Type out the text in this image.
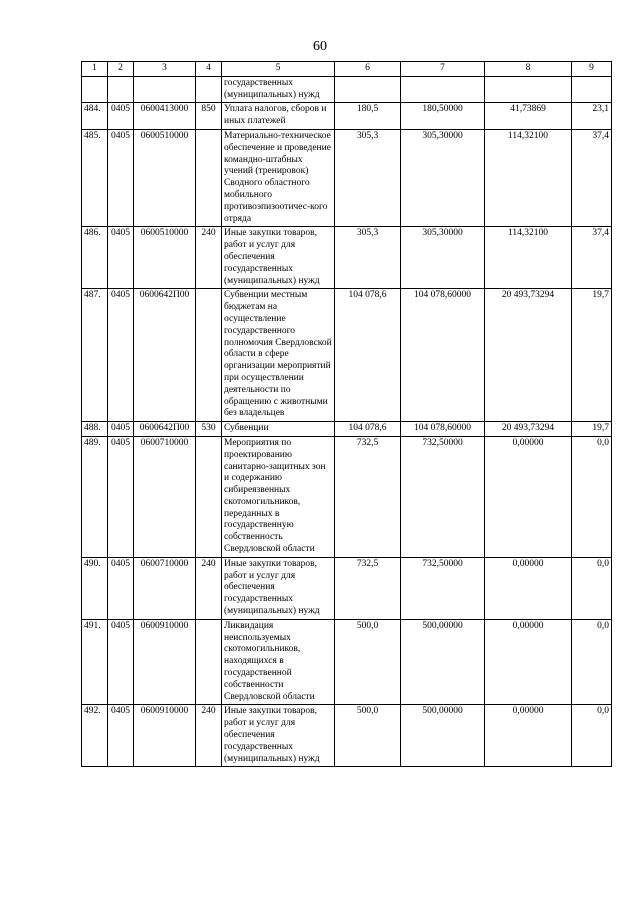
60
1	2	3	4	5	6	7	8	9
				государственных (муниципальных) нужд				
484.	0405	0600413000	850	Уплата налогов, сборов и иных платежей	180,5	180,50000	41,73869	23,1
485.	0405	0600510000		Материально-техническое обеспечение и проведение командно-штабных учений (тренировок) Сводного областного мобильного противоэпизоотичес-кого отряда	305,3	305,30000	114,32100	37,4
486.	0405	0600510000	240	Иные закупки товаров, работ и услуг для обеспечения государственных (муниципальных) нужд	305,3	305,30000	114,32100	37,4
487.	0405	0600642П00		Субвенции местным бюджетам на осуществление государственного полномочия Свердловской области в сфере организации мероприятий при осуществлении деятельности по обращению с животными без владельцев	104 078,6	104 078,60000	20 493,73294	19,7
488.	0405	0600642П00	530	Субвенции	104 078,6	104 078,60000	20 493,73294	19,7
489.	0405	0600710000		Мероприятия по проектированию санитарно-защитных зон и содержанию сибиреязвенных скотомогильников, переданных в государственную собственность Свердловской области	732,5	732,50000	0,00000	0,0
490.	0405	0600710000	240	Иные закупки товаров, работ и услуг для обеспечения государственных (муниципальных) нужд	732,5	732,50000	0,00000	0,0
491.	0405	0600910000		Ликвидация неиспользуемых скотомогильников, находящихся в государственной собственности Свердловской области	500,0	500,00000	0,00000	0,0
492.	0405	0600910000	240	Иные закупки товаров, работ и услуг для обеспечения государственных (муниципальных) нужд	500,0	500,00000	0,00000	0,0
